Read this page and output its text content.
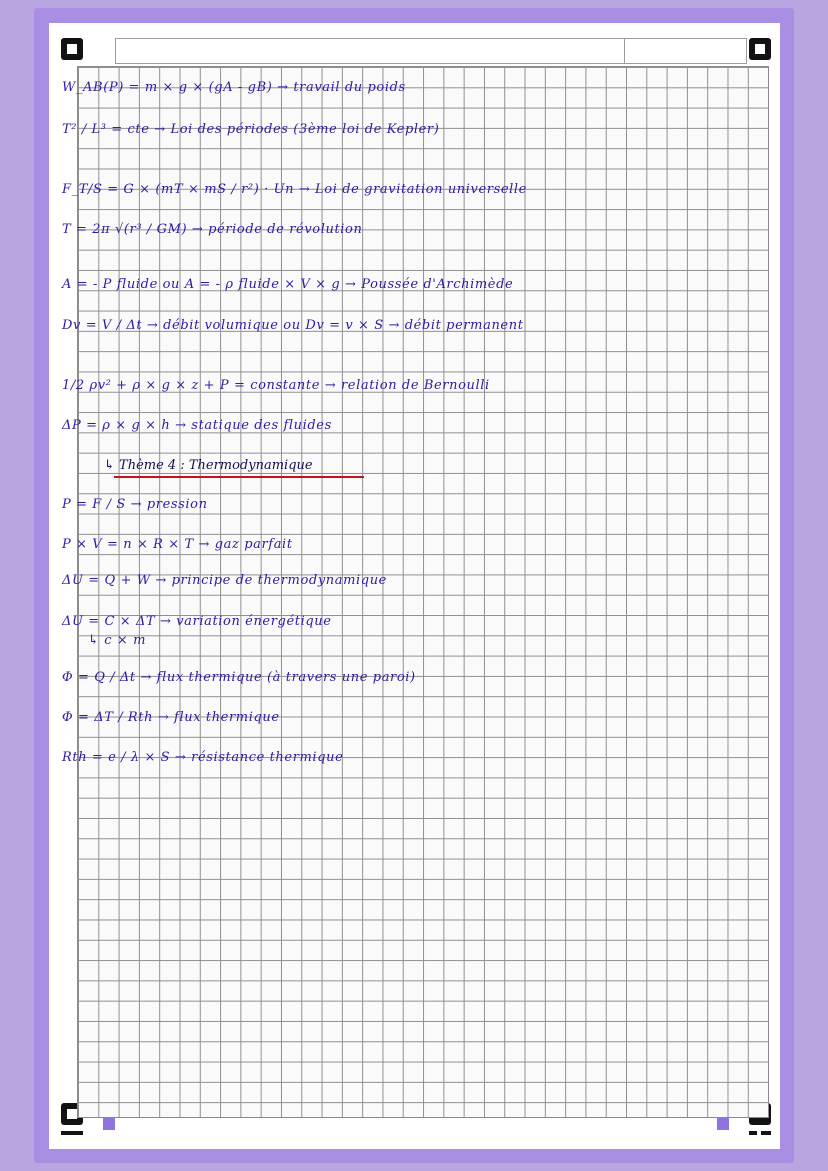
W_AB(P) = m × g × (gA - gB) → travail du poids
T² / L³ = cte → Loi des périodes (3ème loi de Kepler)
F_T/S = G × (mT × mS / r²) · Un → Loi de gravitation universelle
T = 2π √(r³ / GM) → période de révolution
A = - P fluide ou A = - ρ fluide × V × g → Poussée d'Archimède
Dv = V / Δt → débit volumique ou Dv = v × S → débit permanent
1/2 ρv² + ρ × g × z + P = constante → relation de Bernoulli
ΔP = ρ × g × h → statique des fluides
↳ Thème 4 : Thermodynamique
P = F / S → pression
P × V = n × R × T → gaz parfait
ΔU = Q + W → principe de thermodynamique
ΔU = C × ΔT → variation énergétique
↳ c × m
Φ = Q / Δt → flux thermique (à travers une paroi)
Φ = ΔT / Rth → flux thermique
Rth = e / λ × S → résistance thermique
